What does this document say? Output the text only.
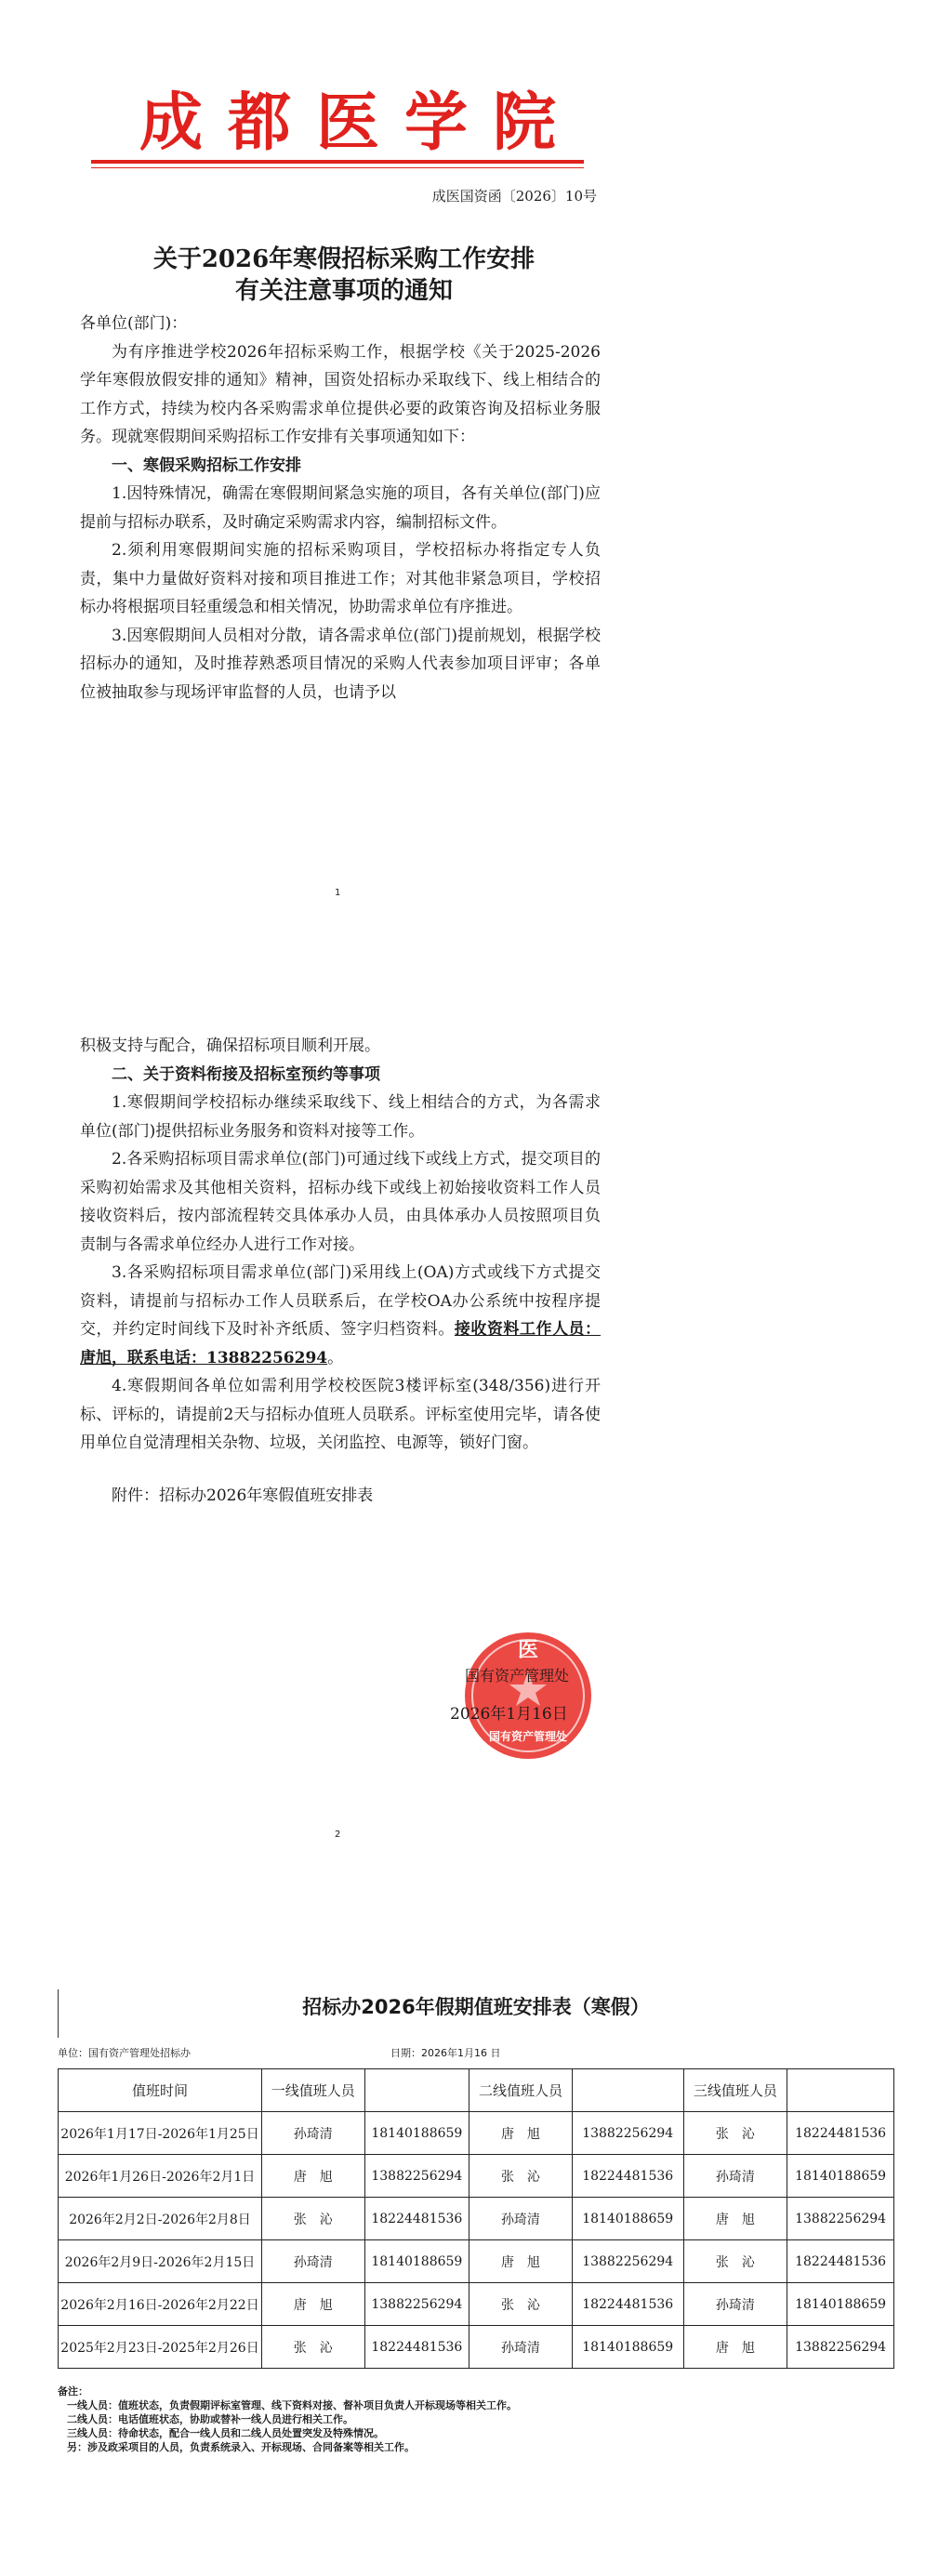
成 都 医 学 院
成医国资函〔2026〕10号
关于2026年寒假招标采购工作安排
有关注意事项的通知

各单位(部门)：

为有序推进学校2026年招标采购工作，根据学校《关于2025-2026学年寒假放假安排的通知》精神，国资处招标办采取线下、线上相结合的工作方式，持续为校内各采购需求单位提供必要的政策咨询及招标业务服务。现就寒假期间采购招标工作安排有关事项通知如下：

一、寒假采购招标工作安排

1.因特殊情况，确需在寒假期间紧急实施的项目，各有关单位(部门)应提前与招标办联系，及时确定采购需求内容，编制招标文件。

2.须利用寒假期间实施的招标采购项目，学校招标办将指定专人负责，集中力量做好资料对接和项目推进工作；对其他非紧急项目，学校招标办将根据项目轻重缓急和相关情况，协助需求单位有序推进。

3.因寒假期间人员相对分散，请各需求单位(部门)提前规划，根据学校招标办的通知，及时推荐熟悉项目情况的采购人代表参加项目评审；各单位被抽取参与现场评审监督的人员，也请予以

1

积极支持与配合，确保招标项目顺利开展。

二、关于资料衔接及招标室预约等事项

1.寒假期间学校招标办继续采取线下、线上相结合的方式，为各需求单位(部门)提供招标业务服务和资料对接等工作。

2.各采购招标项目需求单位(部门)可通过线下或线上方式，提交项目的采购初始需求及其他相关资料，招标办线下或线上初始接收资料工作人员接收资料后，按内部流程转交具体承办人员，由具体承办人员按照项目负责制与各需求单位经办人进行工作对接。

3.各采购招标项目需求单位(部门)采用线上(OA)方式或线下方式提交资料，请提前与招标办工作人员联系后，在学校OA办公系统中按程序提交，并约定时间线下及时补齐纸质、签字归档资料。接收资料工作人员：唐旭，联系电话：13882256294。

4.寒假期间各单位如需利用学校校医院3楼评标室(348/356)进行开标、评标的，请提前2天与招标办值班人员联系。评标室使用完毕，请各使用单位自觉清理相关杂物、垃圾，关闭监控、电源等，锁好门窗。

附件：招标办2026年寒假值班安排表

医
国有资产管理处
国有资产管理处
2026年1月16日
2
招标办2026年假期值班安排表（寒假）
单位：国有资产管理处招标办	日期：2026年1月16 日
值班时间	一线值班人员		二线值班人员		三线值班人员	
2026年1月17日-2026年1月25日	孙琦清	18140188659	唐　旭	13882256294	张　沁	18224481536
2026年1月26日-2026年2月1日	唐　旭	13882256294	张　沁	18224481536	孙琦清	18140188659
2026年2月2日-2026年2月8日	张　沁	18224481536	孙琦清	18140188659	唐　旭	13882256294
2026年2月9日-2026年2月15日	孙琦清	18140188659	唐　旭	13882256294	张　沁	18224481536
2026年2月16日-2026年2月22日	唐　旭	13882256294	张　沁	18224481536	孙琦清	18140188659
2025年2月23日-2025年2月26日	张　沁	18224481536	孙琦清	18140188659	唐　旭	13882256294
备注：
一线人员：值班状态，负责假期评标室管理、线下资料对接、督补项目负责人开标现场等相关工作。
二线人员：电话值班状态，协助或替补一线人员进行相关工作。
三线人员：待命状态，配合一线人员和二线人员处置突发及特殊情况。
另：涉及政采项目的人员，负责系统录入、开标现场、合同备案等相关工作。
